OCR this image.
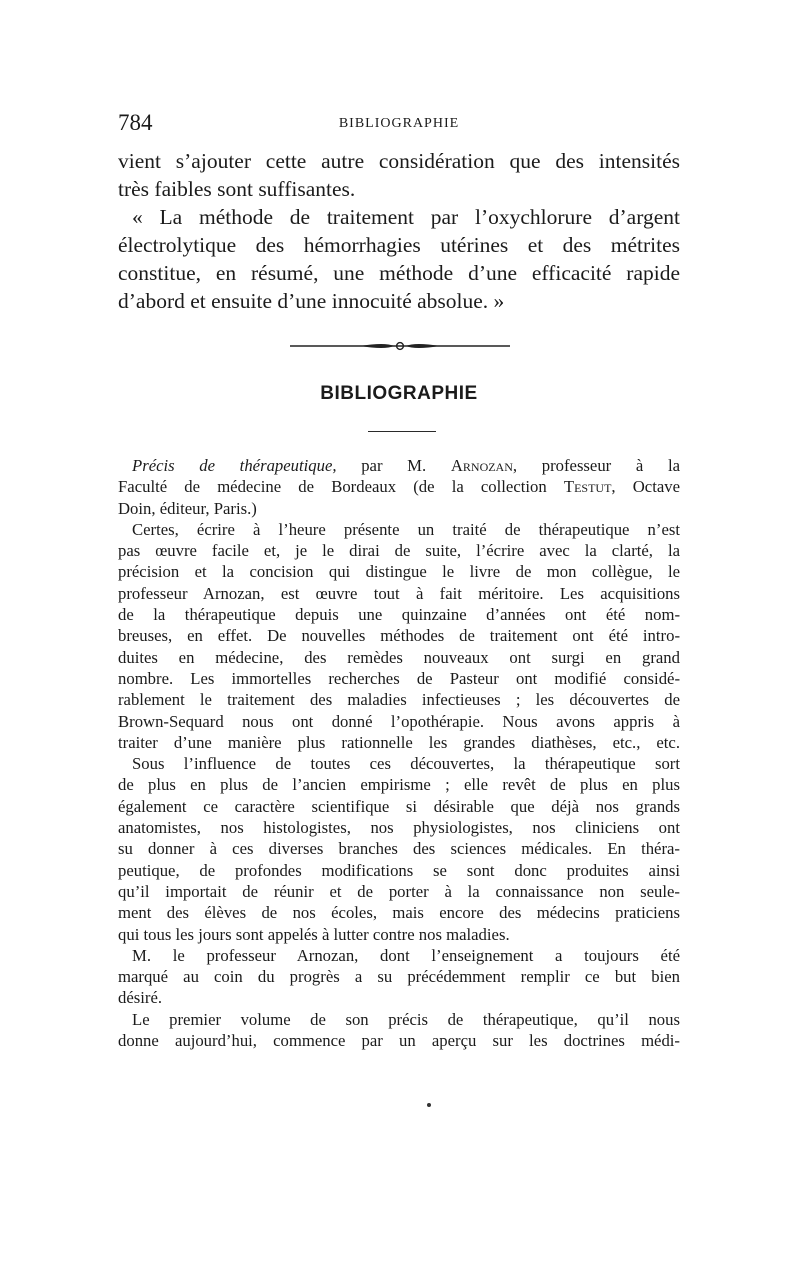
784	BIBLIOGRAPHIE
vient s’ajouter cette autre considération que des intensités
très faibles sont suffisantes.
« La méthode de traitement par l’oxychlorure d’argent
électrolytique des hémorrhagies utérines et des métrites
constitue, en résumé, une méthode d’une efficacité rapide
d’abord et ensuite d’une innocuité absolue. »
BIBLIOGRAPHIE
Précis de thérapeutique, par M. Arnozan, professeur à la
Faculté de médecine de Bordeaux (de la collection Testut, Octave
Doin, éditeur, Paris.)
Certes, écrire à l’heure présente un traité de thérapeutique n’est
pas œuvre facile et, je le dirai de suite, l’écrire avec la clarté, la
précision et la concision qui distingue le livre de mon collègue, le
professeur Arnozan, est œuvre tout à fait méritoire. Les acquisitions
de la thérapeutique depuis une quinzaine d’années ont été nom-
breuses, en effet. De nouvelles méthodes de traitement ont été intro-
duites en médecine, des remèdes nouveaux ont surgi en grand
nombre. Les immortelles recherches de Pasteur ont modifié considé-
rablement le traitement des maladies infectieuses ; les découvertes de
Brown-Sequard nous ont donné l’opothérapie. Nous avons appris à
traiter d’une manière plus rationnelle les grandes diathèses, etc., etc.
Sous l’influence de toutes ces découvertes, la thérapeutique sort
de plus en plus de l’ancien empirisme ; elle revêt de plus en plus
également ce caractère scientifique si désirable que déjà nos grands
anatomistes, nos histologistes, nos physiologistes, nos cliniciens ont
su donner à ces diverses branches des sciences médicales. En théra-
peutique, de profondes modifications se sont donc produites ainsi
qu’il importait de réunir et de porter à la connaissance non seule-
ment des élèves de nos écoles, mais encore des médecins praticiens
qui tous les jours sont appelés à lutter contre nos maladies.
M. le professeur Arnozan, dont l’enseignement a toujours été
marqué au coin du progrès a su précédemment remplir ce but bien
désiré.
Le premier volume de son précis de thérapeutique, qu’il nous
donne aujourd’hui, commence par un aperçu sur les doctrines médi-
